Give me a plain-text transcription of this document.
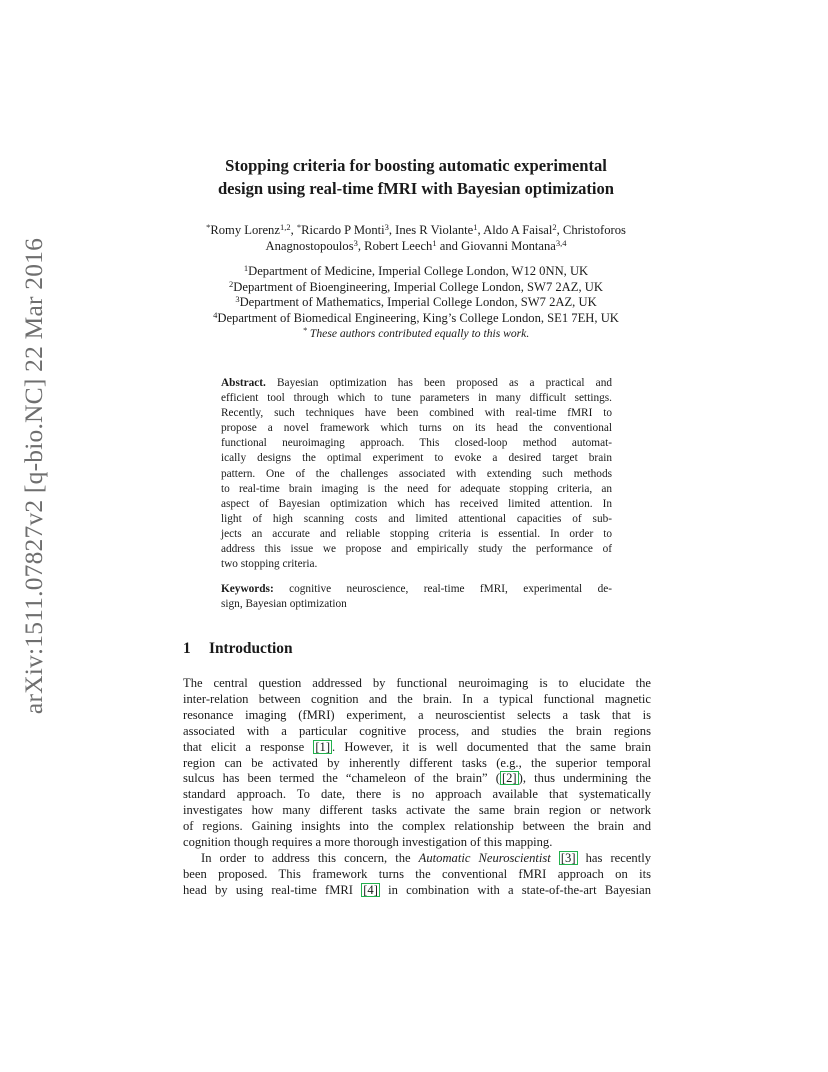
arXiv:1511.07827v2 [q-bio.NC] 22 Mar 2016
Stopping criteria for boosting automatic experimental
design using real-time fMRI with Bayesian optimization
*Romy Lorenz$^{1,2}$, *Ricardo P Monti$^3$, Ines R Violante$^1$, Aldo A Faisal$^2$, Christoforos
Anagnostopoulos$^3$, Robert Leech$^1$ and Giovanni Montana$^{3,4}$
$^1$Department of Medicine, Imperial College London, W12 0NN, UK
$^2$Department of Bioengineering, Imperial College London, SW7 2AZ, UK
$^3$Department of Mathematics, Imperial College London, SW7 2AZ, UK
$^4$Department of Biomedical Engineering, King’s College London, SE1 7EH, UK
* These authors contributed equally to this work.
Abstract. Bayesian optimization has been proposed as a practical and
efficient tool through which to tune parameters in many difficult settings.
Recently, such techniques have been combined with real-time fMRI to
propose a novel framework which turns on its head the conventional
functional neuroimaging approach. This closed-loop method automat-
ically designs the optimal experiment to evoke a desired target brain
pattern. One of the challenges associated with extending such methods
to real-time brain imaging is the need for adequate stopping criteria, an
aspect of Bayesian optimization which has received limited attention. In
light of high scanning costs and limited attentional capacities of sub-
jects an accurate and reliable stopping criteria is essential. In order to
address this issue we propose and empirically study the performance of
two stopping criteria.
Keywords: cognitive neuroscience, real-time fMRI, experimental de-
sign, Bayesian optimization
1 Introduction
The central question addressed by functional neuroimaging is to elucidate the
inter-relation between cognition and the brain. In a typical functional magnetic
resonance imaging (fMRI) experiment, a neuroscientist selects a task that is
associated with a particular cognitive process, and studies the brain regions
that elicit a response [1] . However, it is well documented that the same brain
region can be activated by inherently different tasks (e.g., the superior temporal
sulcus has been termed the “chameleon of the brain” ( [2] ), thus undermining the
standard approach. To date, there is no approach available that systematically
investigates how many different tasks activate the same brain region or network
of regions. Gaining insights into the complex relationship between the brain and
cognition though requires a more thorough investigation of this mapping.
In order to address this concern, the Automatic Neuroscientist [3] has recently
been proposed. This framework turns the conventional fMRI approach on its
head by using real-time fMRI [4] in combination with a state-of-the-art Bayesian
